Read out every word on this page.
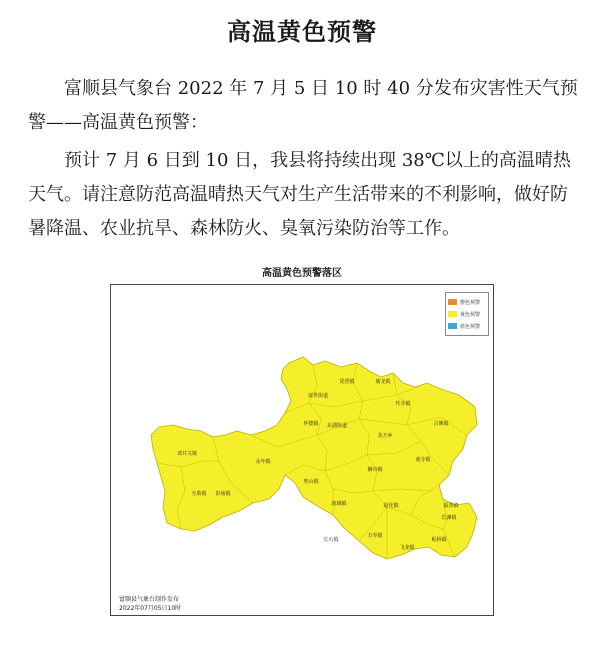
高温黄色预警

富顺县气象台 2022 年 7 月 5 日 10 时 40 分发布灾害性天气预警——高温黄色预警：

预计 7 月 6 日到 10 日，我县将持续出现 38℃以上的高温晴热天气。请注意防范高温晴热天气对生产生活带来的不利影响，做好防暑降温、农业抗旱、森林防火、臭氧污染防治等工作。

高温黄色预警落区
琵琶镇	骑龙镇
富世街道
代寺镇
古佛镇
东湖街道
怀德镇
龙万乡
童寺镇
狮市镇
永年镇
赵化镇
琉璃镇
邓井关镇
长滩镇
板桥镇
兜山镇
彭庙镇
万寿镇
互助镇
飞龙镇
福善镇
长石镇
橙色预警
黄色预警
蓝色预警
富顺县气象台制作发布
2022年07月05日10时
